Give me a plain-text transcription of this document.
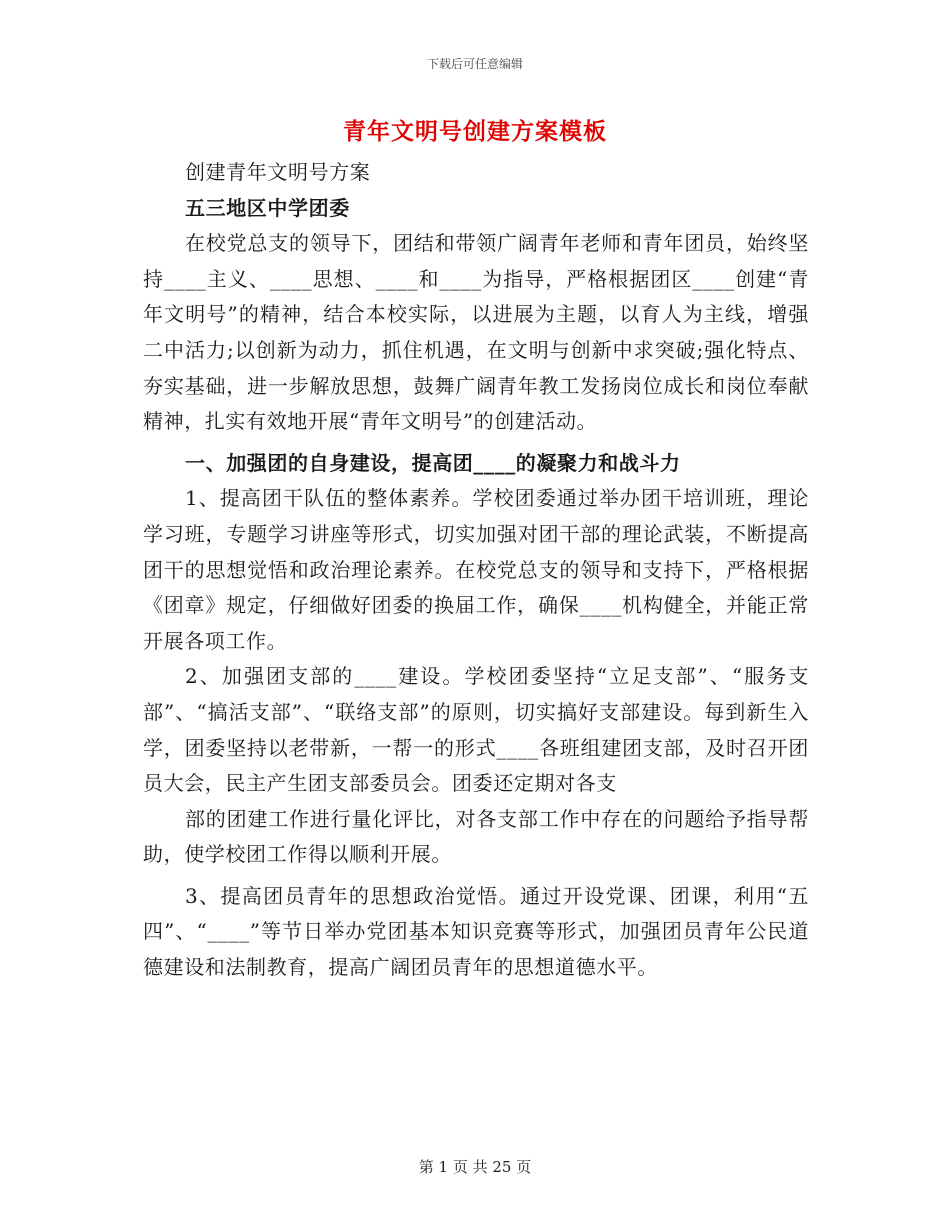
下载后可任意编辑
青年文明号创建方案模板

创建青年文明号方案

五三地区中学团委

在校党总支的领导下，团结和带领广阔青年老师和青年团员，始终坚持____主义、____思想、____和____为指导，严格根据团区____创建“青年文明号”的精神，结合本校实际，以进展为主题，以育人为主线，增强二中活力;以创新为动力，抓住机遇，在文明与创新中求突破;强化特点、夯实基础，进一步解放思想，鼓舞广阔青年教工发扬岗位成长和岗位奉献精神，扎实有效地开展“青年文明号”的创建活动。

一、加强团的自身建设，提高团____的凝聚力和战斗力

1、提高团干队伍的整体素养。学校团委通过举办团干培训班，理论学习班，专题学习讲座等形式，切实加强对团干部的理论武装，不断提高团干的思想觉悟和政治理论素养。在校党总支的领导和支持下，严格根据《团章》规定，仔细做好团委的换届工作，确保____机构健全，并能正常开展各项工作。

2、加强团支部的____建设。学校团委坚持“立足支部”、“服务支部”、“搞活支部”、“联络支部”的原则，切实搞好支部建设。每到新生入学，团委坚持以老带新，一帮一的形式____各班组建团支部，及时召开团员大会，民主产生团支部委员会。团委还定期对各支

部的团建工作进行量化评比，对各支部工作中存在的问题给予指导帮助，使学校团工作得以顺利开展。

3、提高团员青年的思想政治觉悟。通过开设党课、团课，利用“五四”、“____”等节日举办党团基本知识竞赛等形式，加强团员青年公民道德建设和法制教育，提高广阔团员青年的思想道德水平。

第 1 页 共 25 页
